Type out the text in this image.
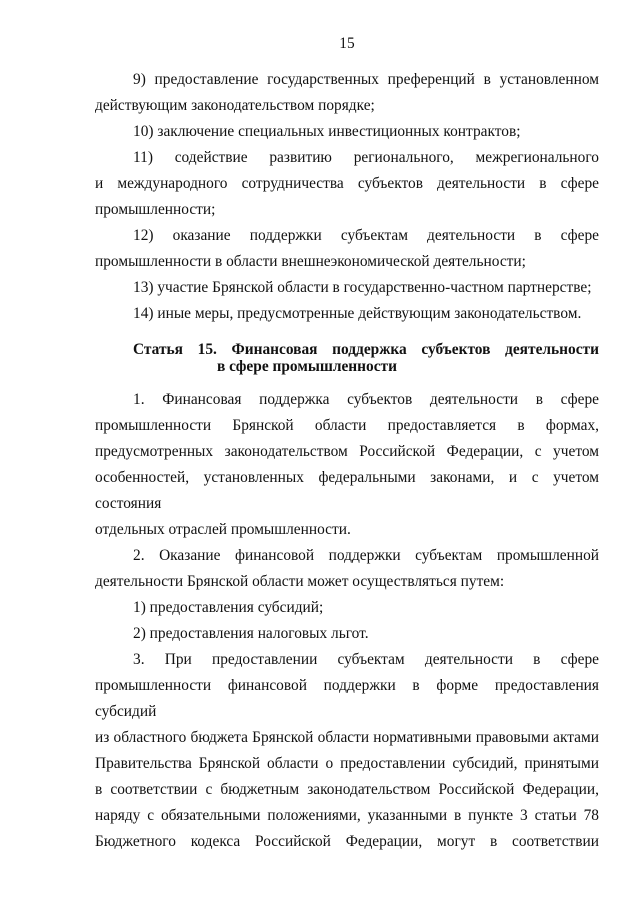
15

9) предоставление государственных преференций в установленном

действующим законодательством порядке;

10) заключение специальных инвестиционных контрактов;

11) содействие развитию регионального, межрегионального

и международного сотрудничества субъектов деятельности в сфере

промышленности;

12) оказание поддержки субъектам деятельности в сфере

промышленности в области внешнеэкономической деятельности;

13) участие Брянской области в государственно-частном партнерстве;

14) иные меры, предусмотренные действующим законодательством.

Статья 15. Финансовая поддержка субъектов деятельности
в сфере промышленности

1. Финансовая поддержка субъектов деятельности в сфере

промышленности Брянской области предоставляется в формах,

предусмотренных законодательством Российской Федерации, с учетом

особенностей, установленных федеральными законами, и с учетом состояния

отдельных отраслей промышленности.

2. Оказание финансовой поддержки субъектам промышленной

деятельности Брянской области может осуществляться путем:

1) предоставления субсидий;

2) предоставления налоговых льгот.

3. При предоставлении субъектам деятельности в сфере

промышленности финансовой поддержки в форме предоставления субсидий

из областного бюджета Брянской области нормативными правовыми актами

Правительства Брянской области о предоставлении субсидий, принятыми

в соответствии с бюджетным законодательством Российской Федерации,

наряду с обязательными положениями, указанными в пункте 3 статьи 78

Бюджетного кодекса Российской Федерации, могут в соответствии
